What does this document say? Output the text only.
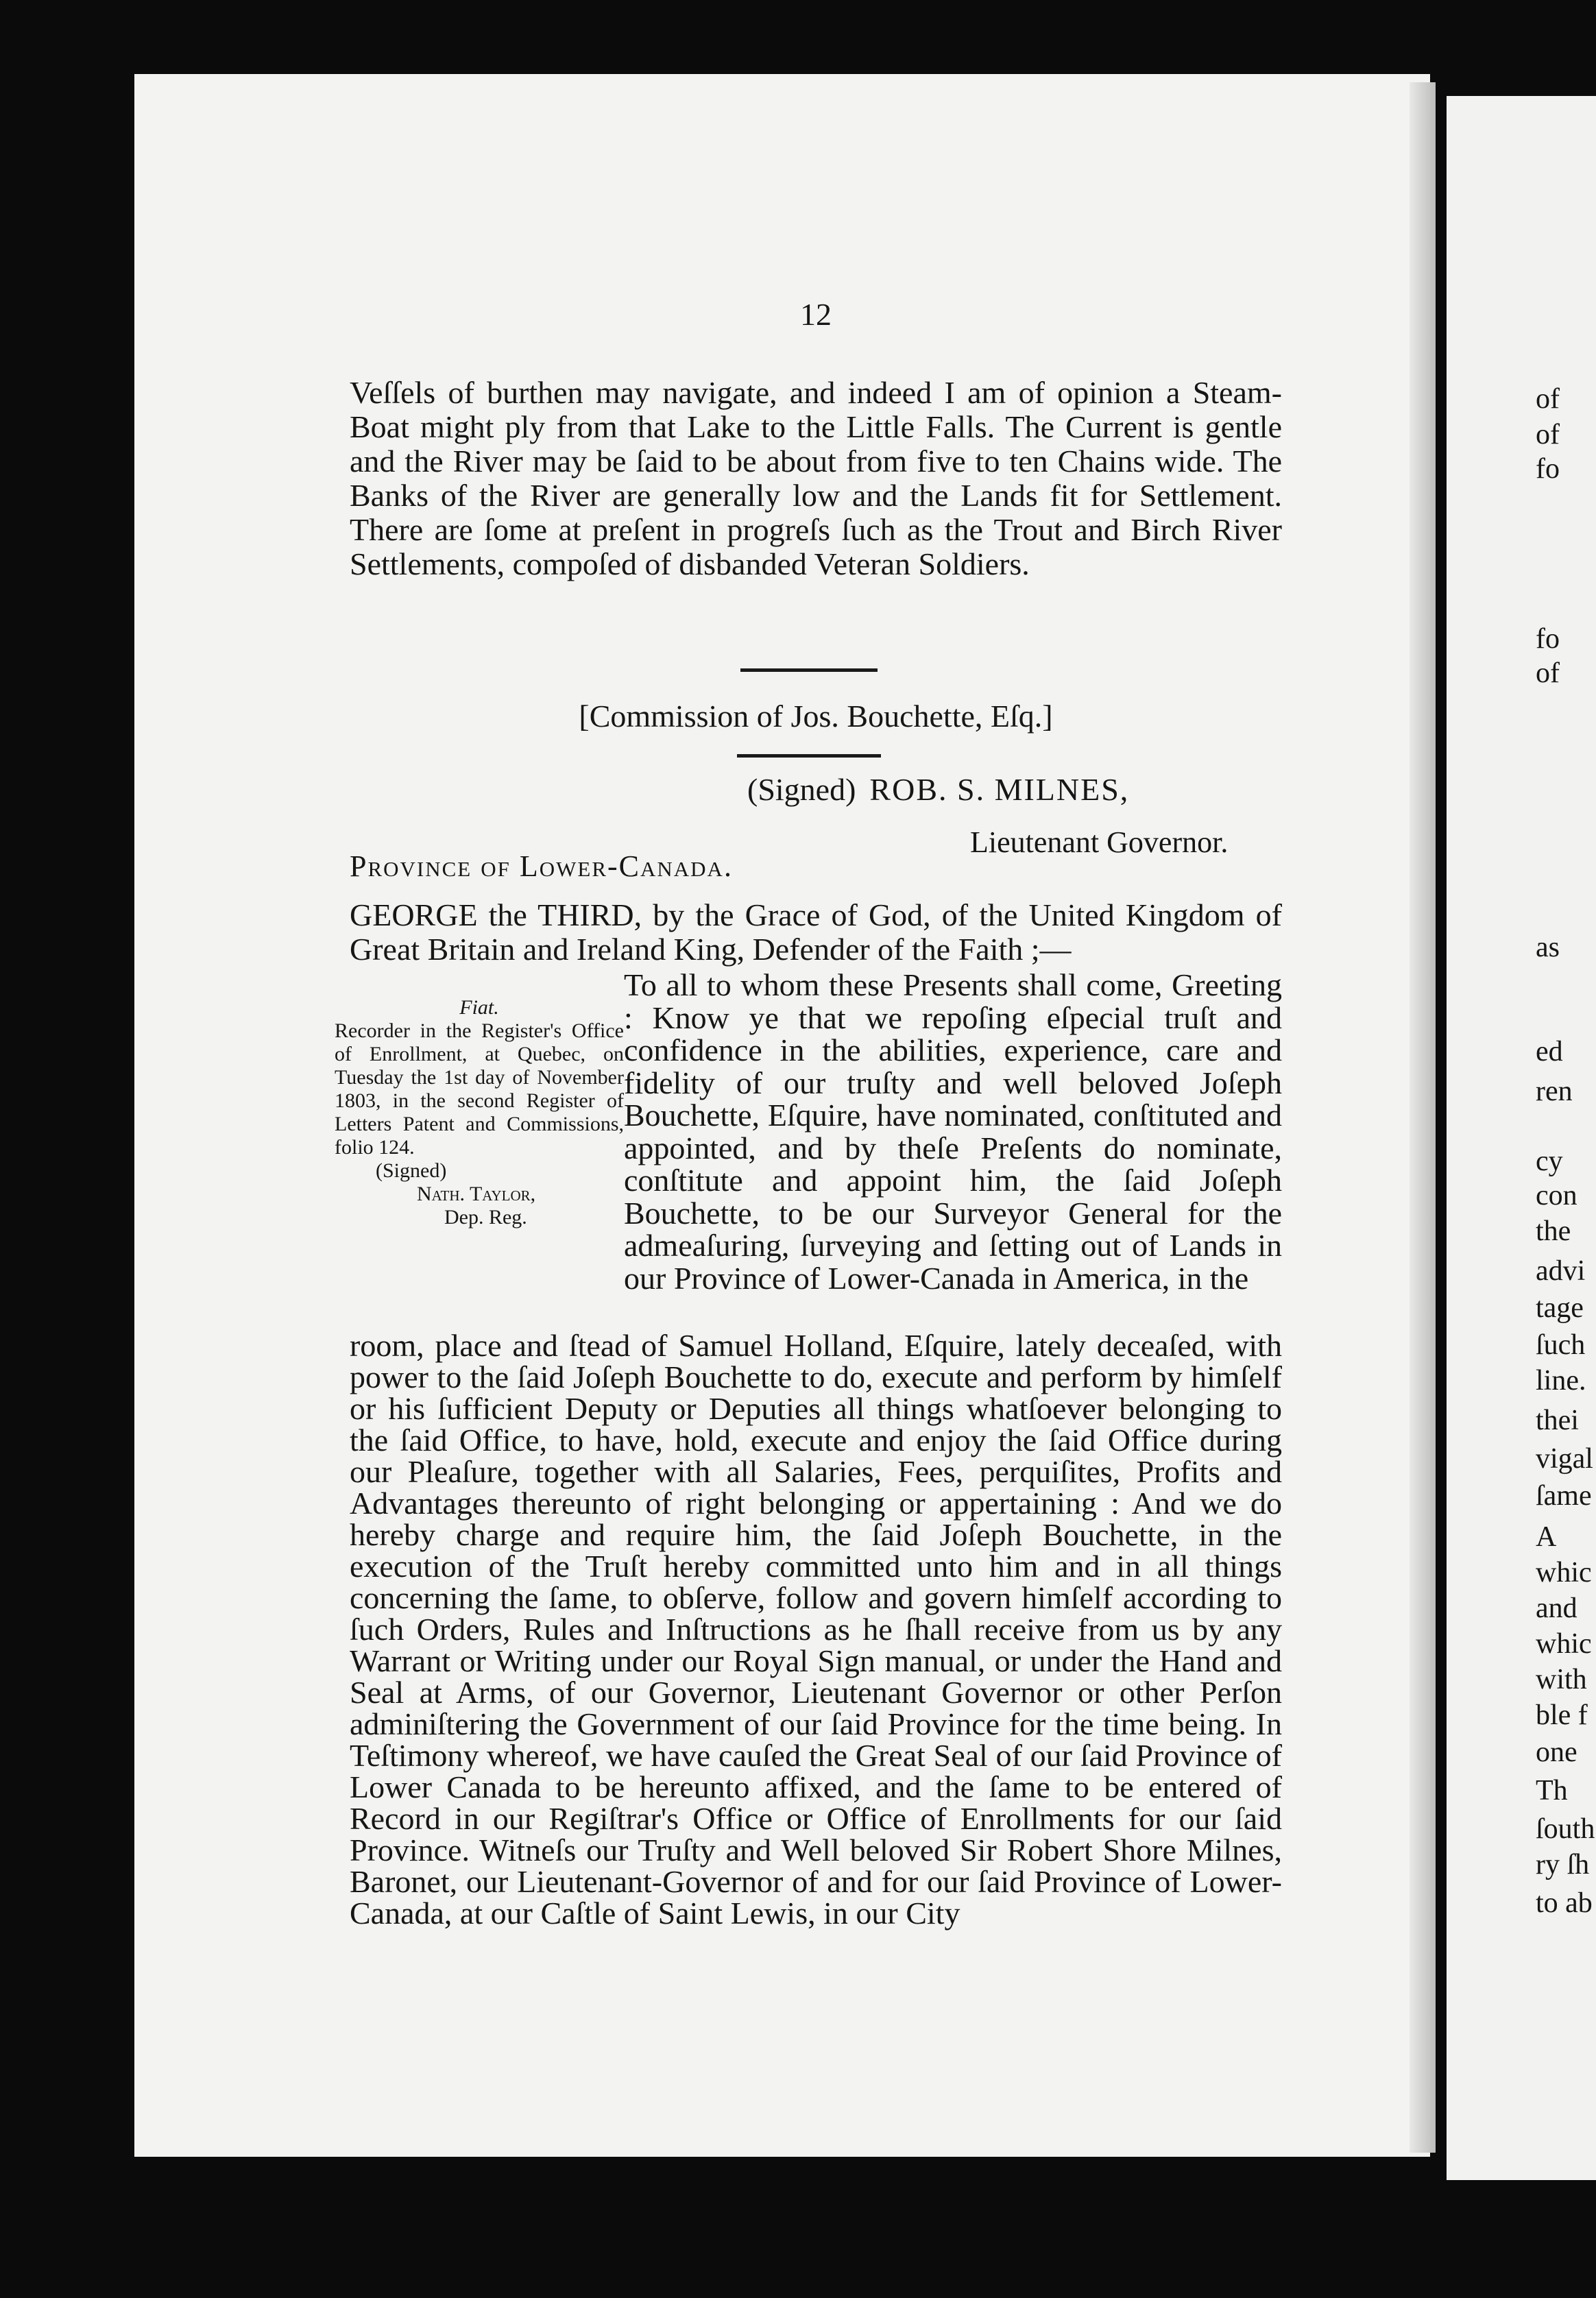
12

Veſſels of burthen may navigate, and indeed I am of opinion a Steam-Boat might ply from that Lake to the Little Falls. The Current is gentle and the River may be ſaid to be about from five to ten Chains wide. The Banks of the River are generally low and the Lands fit for Settlement. There are ſome at preſent in progreſs ſuch as the Trout and Birch River Settlements, compoſed of disbanded Veteran Soldiers.

[Commission of Jos. Bouchette, Eſq.]
(Signed) ROB. S. MILNES,
Lieutenant Governor.
Province of Lower-Canada.
GEORGE the THIRD, by the Grace of God, of the United Kingdom of Great Britain and Ireland King, Defender of the Faith ;—
Fiat.
Recorder in the Register's Office of Enrollment, at Quebec, on Tuesday the 1st day of November 1803, in the second Register of Letters Patent and Commissions, folio 124.
(Signed)
Nath. Taylor,
Dep. Reg.

To all to whom these Presents shall come, Greeting : Know ye that we repoſing eſpecial truſt and confidence in the abilities, experience, care and fidelity of our truſty and well beloved Joſeph Bouchette, Eſquire, have nominated, conſtituted and appointed, and by theſe Preſents do nominate, conſtitute and appoint him, the ſaid Joſeph Bouchette, to be our Surveyor General for the admeaſuring, ſurveying and ſetting out of Lands in our Province of Lower-Canada in America, in the

room, place and ſtead of Samuel Holland, Eſquire, lately deceaſed, with power to the ſaid Joſeph Bouchette to do, execute and perform by himſelf or his ſufficient Deputy or Deputies all things whatſoever belonging to the ſaid Office, to have, hold, execute and enjoy the ſaid Office during our Pleaſure, together with all Salaries, Fees, perquiſites, Profits and Advantages thereunto of right belonging or appertaining : And we do hereby charge and require him, the ſaid Joſeph Bouchette, in the execution of the Truſt hereby committed unto him and in all things concerning the ſame, to obſerve, follow and govern himſelf according to ſuch Orders, Rules and Inſtructions as he ſhall receive from us by any Warrant or Writing under our Royal Sign manual, or under the Hand and Seal at Arms, of our Governor, Lieutenant Governor or other Perſon adminiſtering the Government of our ſaid Province for the time being. In Teſtimony whereof, we have cauſed the Great Seal of our ſaid Province of Lower Canada to be hereunto affixed, and the ſame to be entered of Record in our Regiſtrar's Office or Office of Enrollments for our ſaid Province. Witneſs our Truſty and Well beloved Sir Robert Shore Milnes, Baronet, our Lieutenant-Governor of and for our ſaid Province of Lower-Canada, at our Caſtle of Saint Lewis, in our City

of
of
fo
fo
of
as
ed
ren
cy
con
the
advi
tage
ſuch
line.
thei
vigal
ſame
A
whic
and
whic
with
ble f
one
Th
ſouth
ry ſh
to ab
